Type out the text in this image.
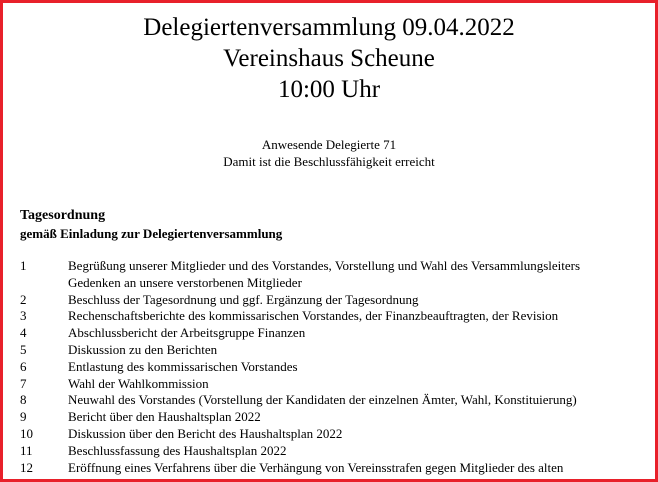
Delegiertenversammlung 09.04.2022
Vereinshaus Scheune
10:00 Uhr
Anwesende Delegierte 71
Damit ist die Beschlussfähigkeit erreicht
Tagesordnung
gemäß Einladung zur Delegiertenversammlung
1	Begrüßung unserer Mitglieder und des Vorstandes, Vorstellung und Wahl des Versammlungsleiters
Gedenken an unsere verstorbenen Mitglieder
2	Beschluss der Tagesordnung und ggf. Ergänzung der Tagesordnung
3	Rechenschaftsberichte des kommissarischen Vorstandes, der Finanzbeauftragten, der Revision
4	Abschlussbericht der Arbeitsgruppe Finanzen
5	Diskussion zu den Berichten
6	Entlastung des kommissarischen Vorstandes
7	Wahl der Wahlkommission
8	Neuwahl des Vorstandes (Vorstellung der Kandidaten der einzelnen Ämter, Wahl, Konstituierung)
9	Bericht über den Haushaltsplan 2022
10	Diskussion über den Bericht des Haushaltsplan 2022
11	Beschlussfassung des Haushaltsplan 2022
12	Eröffnung eines Verfahrens über die Verhängung von Vereinsstrafen gegen Mitglieder des alten
